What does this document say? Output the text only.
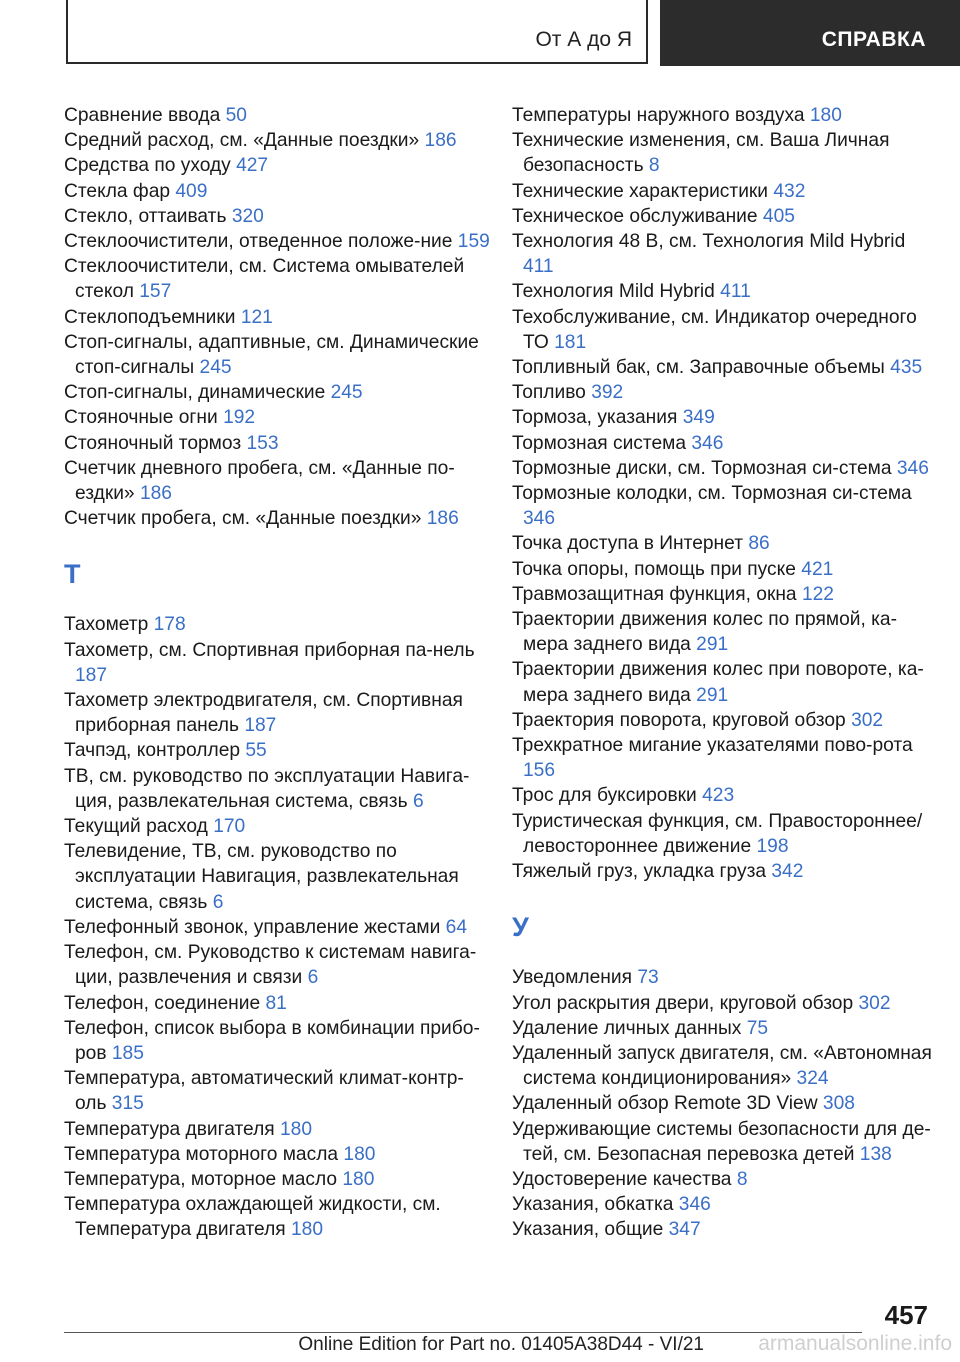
От А до Я	СПРАВКА
Сравнение ввода 50
Средний расход, см. «Данные поездки» 186
Средства по уходу 427
Стекла фар 409
Стекло, оттаивать 320
Стеклоочистители, отведенное положе-ние 159
Стеклоочистители, см. Система омывателей стекол 157
Стеклоподъемники 121
Стоп-сигналы, адаптивные, см. Динамические стоп-сигналы 245
Стоп-сигналы, динамические 245
Стояночные огни 192
Стояночный тормоз 153
Счетчик дневного пробега, см. «Данные по-ездки» 186
Счетчик пробега, см. «Данные поездки» 186
Т
Тахометр 178
Тахометр, см. Спортивная приборная па-нель 187
Тахометр электродвигателя, см. Спортивная приборная панель 187
Тачпэд, контроллер 55
ТВ, см. руководство по эксплуатации Навига-ция, развлекательная система, связь 6
Текущий расход 170
Телевидение, ТВ, см. руководство по эксплуатации Навигация, развлекательная система, связь 6
Телефонный звонок, управление жестами 64
Телефон, см. Руководство к системам навига-ции, развлечения и связи 6
Телефон, соединение 81
Телефон, список выбора в комбинации прибо-ров 185
Температура, автоматический климат-контр-оль 315
Температура двигателя 180
Температура моторного масла 180
Температура, моторное масло 180
Температура охлаждающей жидкости, см. Температура двигателя 180
Температуры наружного воздуха 180
Технические изменения, см. Ваша Личная безопасность 8
Технические характеристики 432
Техническое обслуживание 405
Технология 48 В, см. Технология Mild Hybrid 411
Технология Mild Hybrid 411
Техобслуживание, см. Индикатор очередного ТО 181
Топливный бак, см. Заправочные объемы 435
Топливо 392
Тормоза, указания 349
Тормозная система 346
Тормозные диски, см. Тормозная си-стема 346
Тормозные колодки, см. Тормозная си-стема 346
Точка доступа в Интернет 86
Точка опоры, помощь при пуске 421
Травмозащитная функция, окна 122
Траектории движения колес по прямой, ка-мера заднего вида 291
Траектории движения колес при повороте, ка-мера заднего вида 291
Траектория поворота, круговой обзор 302
Трехкратное мигание указателями пово-рота 156
Трос для буксировки 423
Туристическая функция, см. Правостороннее/левостороннее движение 198
Тяжелый груз, укладка груза 342
У
Уведомления 73
Угол раскрытия двери, круговой обзор 302
Удаление личных данных 75
Удаленный запуск двигателя, см. «Автономная система кондиционирования» 324
Удаленный обзор Remote 3D View 308
Удерживающие системы безопасности для де-тей, см. Безопасная перевозка детей 138
Удостоверение качества 8
Указания, обкатка 346
Указания, общие 347
457
Online Edition for Part no. 01405A38D44 - VI/21	armanualsonline.info
